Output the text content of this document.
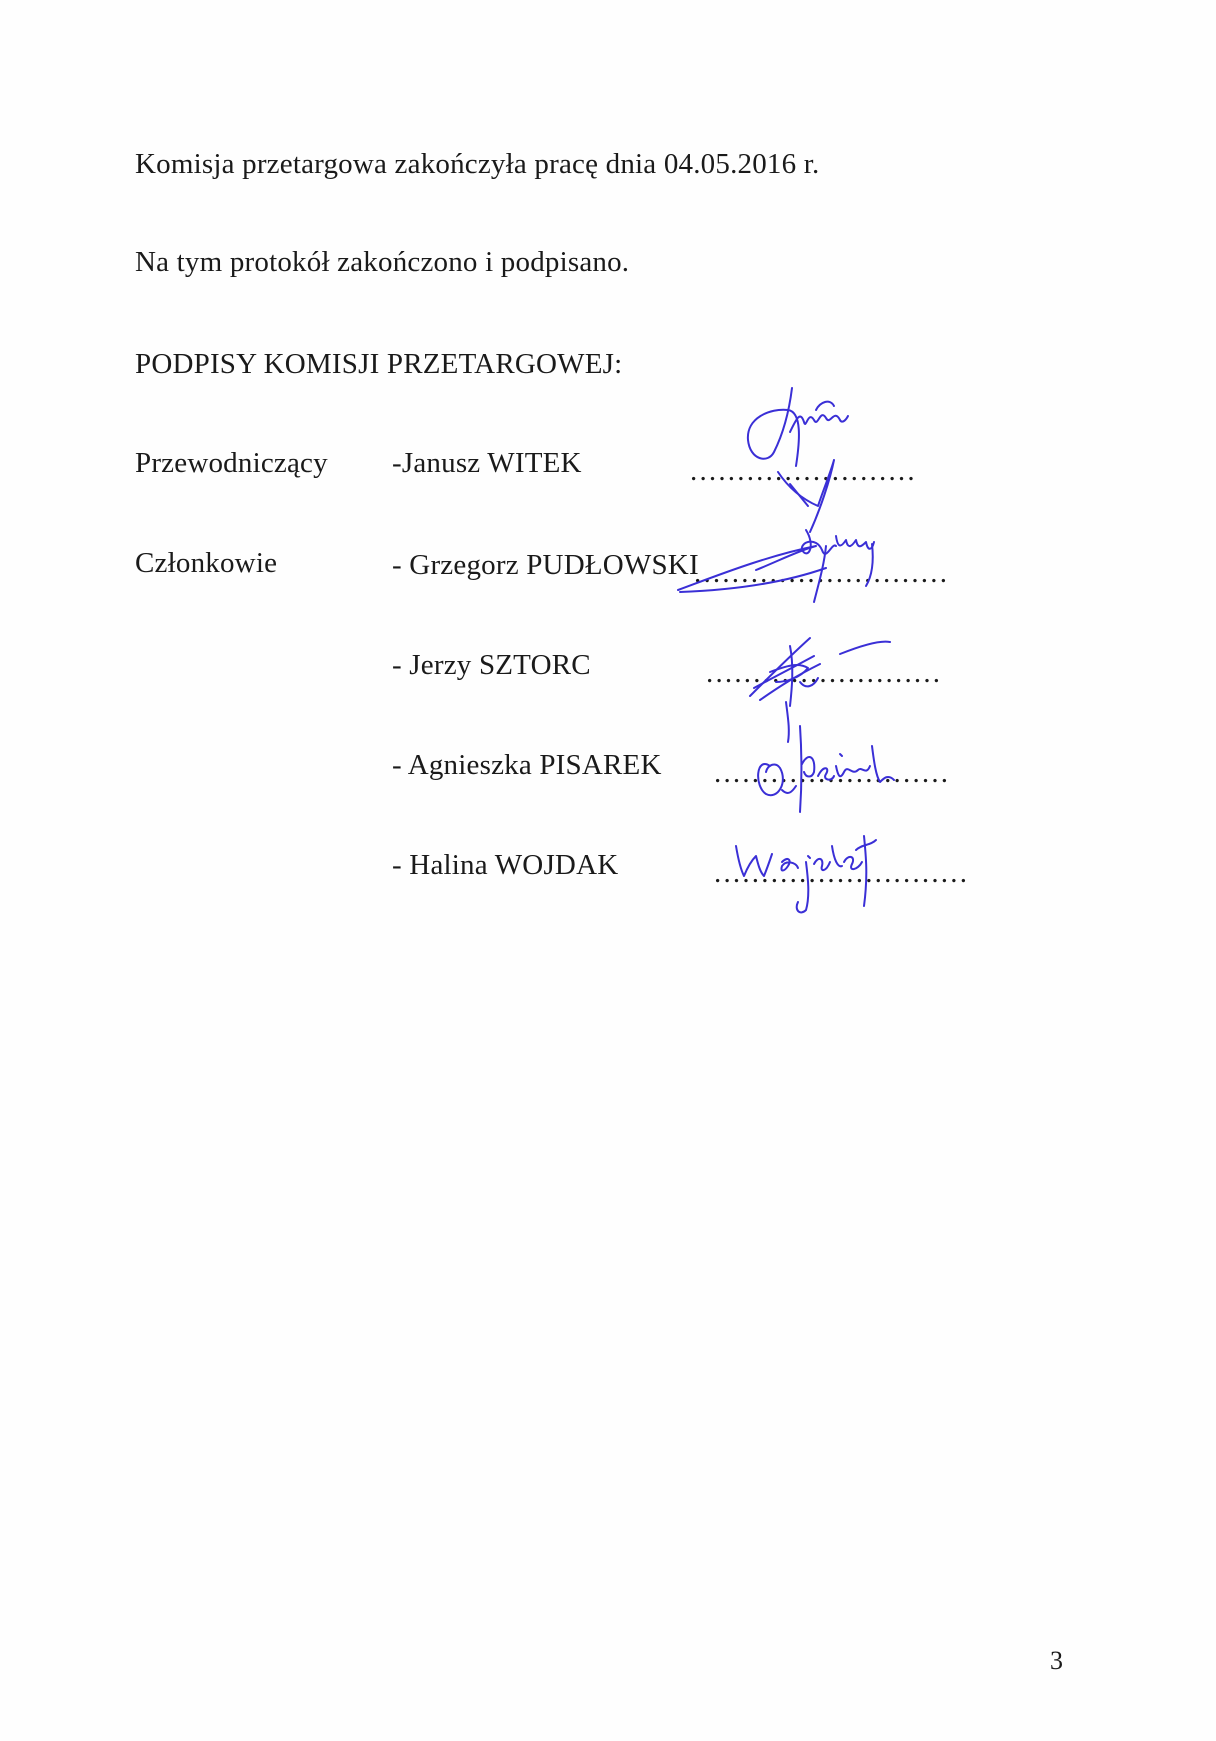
Komisja przetargowa zakończyła pracę dnia 04.05.2016 r.
Na tym protokół zakończono i podpisano.
PODPISY KOMISJI PRZETARGOWEJ:
Przewodniczący
Członkowie
-Janusz WITEK
- Grzegorz PUDŁOWSKI
- Jerzy SZTORC
- Agnieszka PISAREK
- Halina WOJDAK
........................
...........................
.........................
.........................
...........................
3
